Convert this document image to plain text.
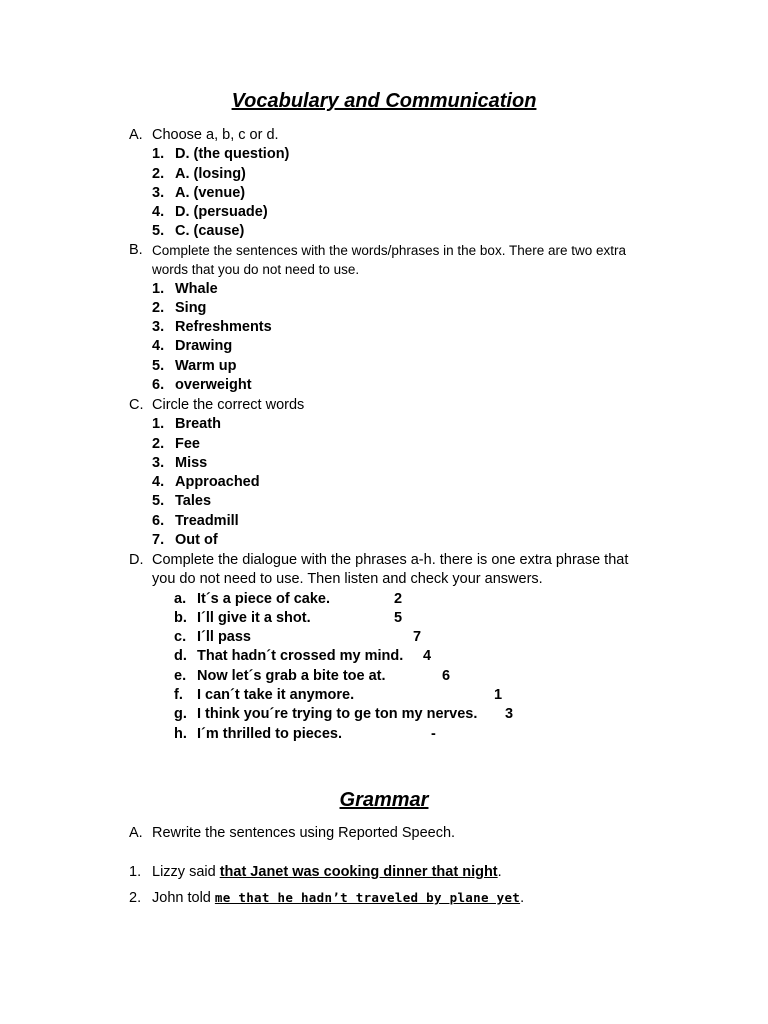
Vocabulary and Communication
A. Choose a, b, c or d.
1. D. (the question)
2. A. (losing)
3. A. (venue)
4. D. (persuade)
5. C. (cause)
B. Complete the sentences with the words/phrases in the box. There are two extra
words that you do not need to use.
1. Whale
2. Sing
3. Refreshments
4. Drawing
5. Warm up
6. overweight
C. Circle the correct words
1. Breath
2. Fee
3. Miss
4. Approached
5. Tales
6. Treadmill
7. Out of
D. Complete the dialogue with the phrases a-h. there is one extra phrase that
you do not need to use. Then listen and check your answers.
a. It´s a piece of cake.	2
b. I´ll give it a shot.	5
c. I´ll pass	7
d. That hadn´t crossed my mind. 4
e. Now let´s grab a bite toe at.	6
f. I can´t take it anymore.	1
g. I think you´re trying to ge ton my nerves. 3
h. I´m thrilled to pieces.	-
Grammar
A. Rewrite the sentences using Reported Speech.
1. Lizzy said that Janet was cooking dinner that night.
2. John told me that he hadn’t traveled by plane yet.
